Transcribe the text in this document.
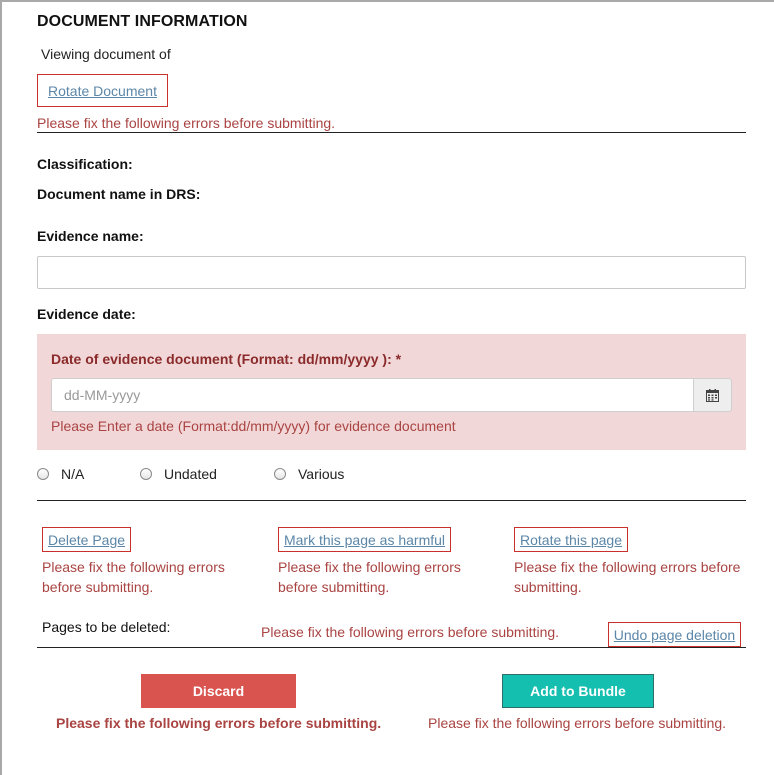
DOCUMENT INFORMATION
Viewing document of
Rotate Document
Please fix the following errors before submitting.
Classification:
Document name in DRS:
Evidence name:
Evidence date:
Date of evidence document (Format: dd/mm/yyyy ): *
dd-MM-yyyy
Please Enter a date (Format:dd/mm/yyyy) for evidence document
N/A	Undated	Various
Delete Page	Mark this page as harmful	Rotate this page
Please fix the following errors before submitting.
Please fix the following errors before submitting.
Please fix the following errors before submitting.
Pages to be deleted:	Please fix the following errors before submitting.	Undo page deletion
Discard	Add to Bundle
Please fix the following errors before submitting.	Please fix the following errors before submitting.
